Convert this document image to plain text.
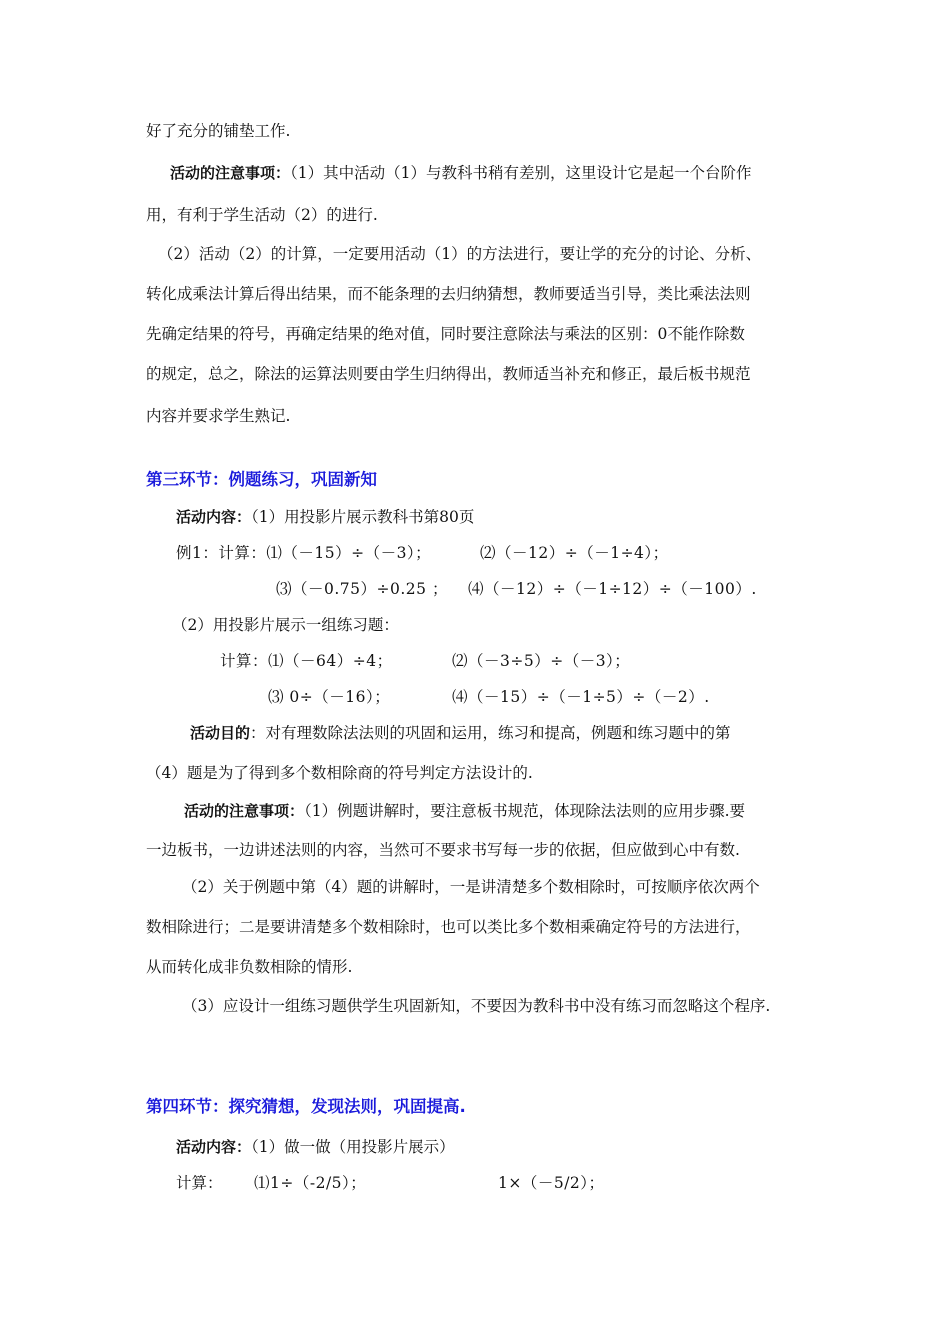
好了充分的铺垫工作.
活动的注意事项：（1）其中活动（1）与教科书稍有差别，这里设计它是起一个台阶作
用，有利于学生活动（2）的进行.
（2）活动（2）的计算，一定要用活动（1）的方法进行，要让学的充分的讨论、分析、
转化成乘法计算后得出结果，而不能条理的去归纳猜想，教师要适当引导，类比乘法法则
先确定结果的符号，再确定结果的绝对值，同时要注意除法与乘法的区别：0不能作除数
的规定，总之，除法的运算法则要由学生归纳得出，教师适当补充和修正，最后板书规范
内容并要求学生熟记.
第三环节：例题练习，巩固新知
活动内容：（1）用投影片展示教科书第80页
例1：计算：⑴（－15）÷（－3）；	⑵（－12）÷（－1÷4）；
⑶（－0.75）÷0.25 ； ⑷（－12）÷（－1÷12）÷（－100）.
（2）用投影片展示一组练习题：
计算：⑴（－64）÷4；	⑵（－3÷5）÷（－3）；
⑶ 0÷（－16）；	⑷（－15）÷（－1÷5）÷（－2）.
活动目的：对有理数除法法则的巩固和运用，练习和提高，例题和练习题中的第
（4）题是为了得到多个数相除商的符号判定方法设计的.
活动的注意事项：（1）例题讲解时，要注意板书规范，体现除法法则的应用步骤.要
一边板书，一边讲述法则的内容，当然可不要求书写每一步的依据，但应做到心中有数.
（2）关于例题中第（4）题的讲解时，一是讲清楚多个数相除时，可按顺序依次两个
数相除进行；二是要讲清楚多个数相除时，也可以类比多个数相乘确定符号的方法进行，
从而转化成非负数相除的情形.
（3）应设计一组练习题供学生巩固新知，不要因为教科书中没有练习而忽略这个程序.
第四环节：探究猜想，发现法则，巩固提高.
活动内容：（1）做一做（用投影片展示）
计算： ⑴1÷（-2/5）；	1×（－5/2）；
